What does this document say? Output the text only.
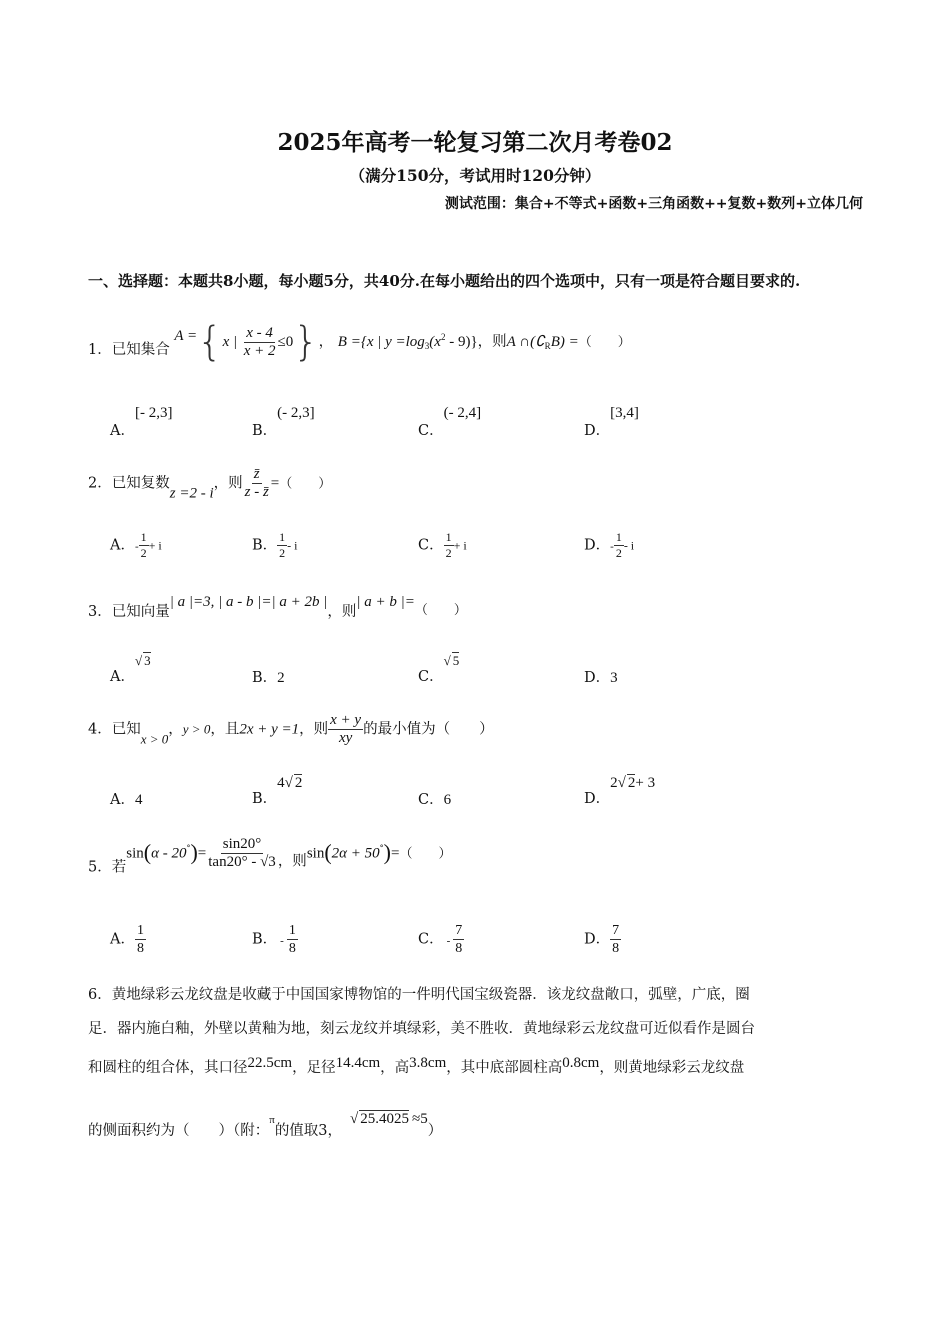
2025年高考一轮复习第二次月考卷02
（满分150分，考试用时120分钟）
测试范围：集合+不等式+函数+三角函数++复数+数列+立体几何
一、选择题：本题共8小题，每小题5分，共40分.在每小题给出的四个选项中，只有一项是符合题目要求的.
1．已知集合 A ={x | $\frac{x - 4}{x + 2} \le 0$}， B ={x | $y =\log_3(x^2 - 9)$}，则A $\cap(∁_RB)$ =（　　）
A．[- 2,3]
B．(- 2,3]
C．(- 2,4]
D．[3,4]
2．已知复数z =2 - i，则 $\frac{z̄}{z - z̄}$ =（　　）
A．- $\frac{1}{2} + i$	B． $\frac{1}{2}$ - i	C． $\frac{1}{2} + i$	D．- $\frac{1}{2}$ - i
3．已知向量| a |=3, | a - b |=| a + 2b |，则| a + b |=（　　）
A．√ 3
B．2	C．√ 5
D．3
4．已知x > 0，y > 0，且2x + y =1，则 $\frac{x + y}{xy}$ 的最小值为（　　）
A．4	B．4√ 2
C．6	D．2√ 2+ 3
5．若$\sin(\alpha - 20^\circ)= \frac{\sin 20^\circ}{\tan 20^\circ - √3}$ ，则sin(2α + 50°)=（　　）
A． $\frac{1}{8}$	B． - $\frac{1}{8}$	C． - $\frac{7}{8}$	D． $\frac{7}{8}$
6．黄地绿彩云龙纹盘是收藏于中国国家博物馆的一件明代国宝级瓷器．该龙纹盘敞口，弧壁，广底，圈
足．器内施白釉，外壁以黄釉为地，刻云龙纹并填绿彩，美不胜收．黄地绿彩云龙纹盘可近似看作是圆台
和圆柱的组合体，其口径22.5cm，足径14.4cm，高3.8cm，其中底部圆柱高0.8cm，则黄地绿彩云龙纹盘
的侧面积约为（　　）（附：π的值取3，√ 25.4025 ≈5）
